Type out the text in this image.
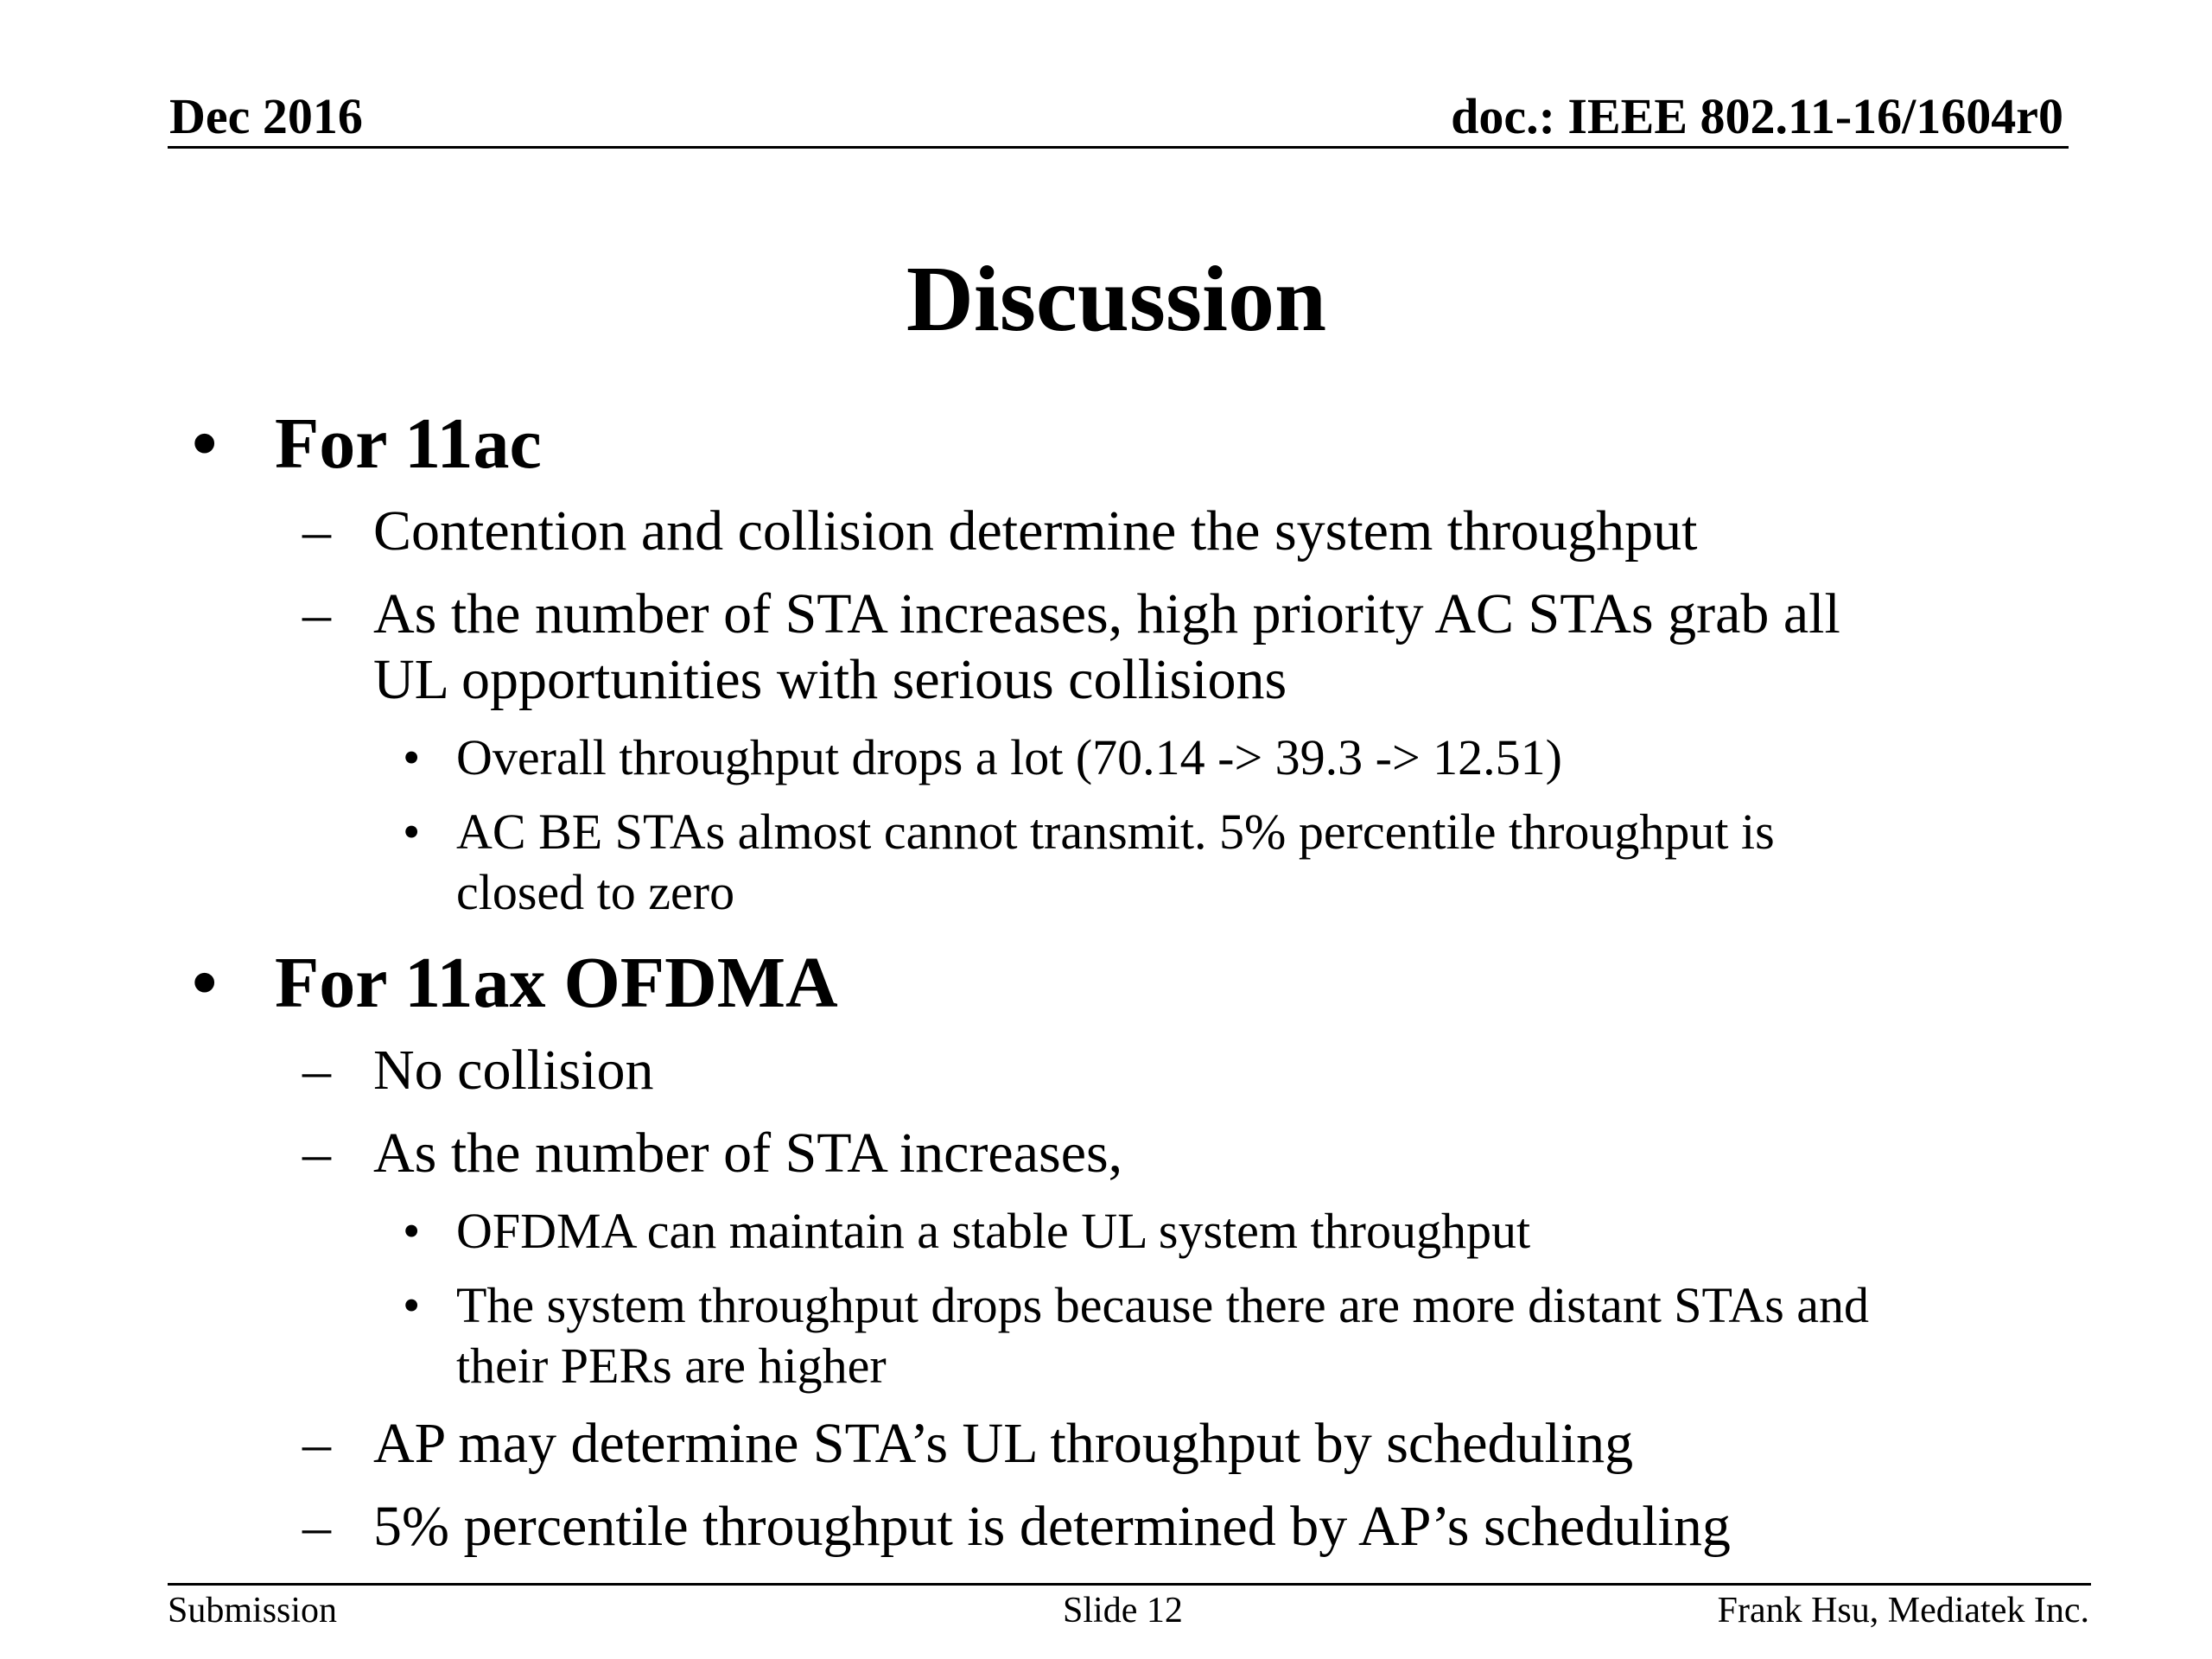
Dec 2016	doc.: IEEE 802.11-16/1604r0
Discussion
• For 11ac
– Contention and collision determine the system throughput
– As the number of STA increases, high priority AC STAs grab all
UL opportunities with serious collisions
• Overall throughput drops a lot (70.14 -> 39.3 -> 12.51)
• AC BE STAs almost cannot transmit. 5% percentile throughput is
closed to zero
• For 11ax OFDMA
– No collision
– As the number of STA increases,
• OFDMA can maintain a stable UL system throughput
• The system throughput drops because there are more distant STAs and
their PERs are higher
– AP may determine STA’s UL throughput by scheduling
– 5% percentile throughput is determined by AP’s scheduling
Submission	Slide 12	Frank Hsu, Mediatek Inc.
